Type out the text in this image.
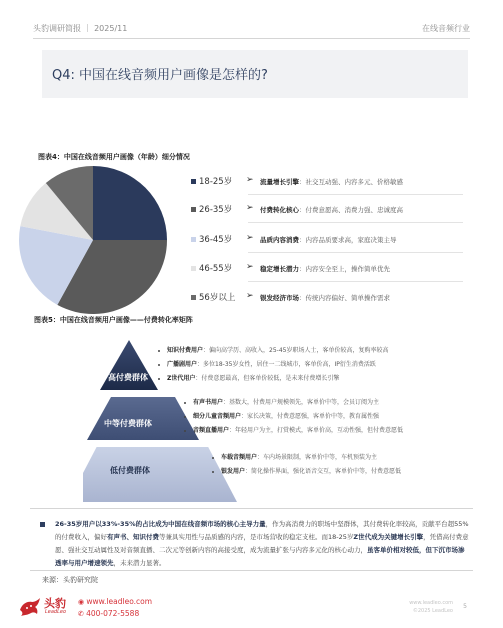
头豹调研简报 ｜ 2025/11	在线音频行业
Q4: 中国在线音频用户画像是怎样的?
图表4：中国在线音频用户画像（年龄）细分情况
18-25岁 ➢ 流量增长引擎：社交互动强、内容多元、价格敏感
26-35岁 ➢ 付费转化核心：付费意愿高、消费力强、忠诚度高
36-45岁 ➢ 品质内容消费：内容品质要求高，家庭决策主导
46-55岁 ➢ 稳定增长潜力：内容安全至上，操作简单优先
56岁以上 ➢ 银发经济市场：传统内容偏好、简单操作需求
图表5：中国在线音频用户画像——付费转化率矩阵
高付费群体
中等付费群体
低付费群体
知识付费用户：偏向高学历、高收入，25-45岁职场人士，客单价较高，复购率较高
广播剧用户：多位18-35岁女性，居住一二线城市，客单价高，IP衍生消费活跃
Z世代用户：付费意愿最高，但客单价较低，是未来付费增长引擎
有声书用户：基数大，付费用户规模领先，客单价中等，会员订阅为主
细分儿童音频用户：家长决策，付费意愿强，客单价中等，教育属性强
音频直播用户：年轻用户为主，打赏模式，客单价高，互动性强，但付费意愿低
车载音频用户：车内场景限制，客单价中等，车机预装为主
银发用户：简化操作界面，强化语音交互，客单价中等，付费意愿低
26-35岁用户以33%-35%的占比成为中国在线音频市场的核心主导力量，作为高消费力的职场中坚群体，其付费转化率较高，贡献平台超55%的付费收入，偏好有声书、知识付费等兼具实用性与品质感的内容，是市场营收的稳定支柱。而18-25岁Z世代成为关键增长引擎，凭借高付费意愿、强社交互动属性及对音频直播、二次元等创新内容的高接受度，成为流量扩张与内容多元化的核心动力，虽客单价相对较低，但下沉市场渗透率与用户增速领先，未来潜力显著。
来源：头豹研究院
头豹
LeadLeo
◉ www.leadleo.com
✆ 400-072-5588
www.leadleo.com
©2025 LeadLeo
5
